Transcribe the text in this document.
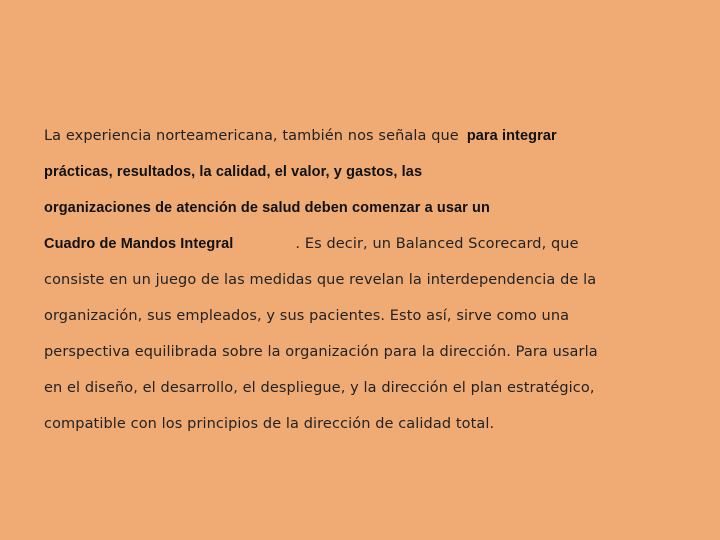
La experiencia norteamericana, también nos señala que para integrar
prácticas, resultados, la calidad, el valor, y gastos, las
organizaciones de atención de salud deben comenzar a usar un
Cuadro de Mandos Integral	. Es decir, un Balanced Scorecard, que
consiste en un juego de las medidas que revelan la interdependencia de la
organización, sus empleados, y sus pacientes. Esto así, sirve como una
perspectiva equilibrada sobre la organización para la dirección. Para usarla
en el diseño, el desarrollo, el despliegue, y la dirección el plan estratégico,
compatible con los principios de la dirección de calidad total.
